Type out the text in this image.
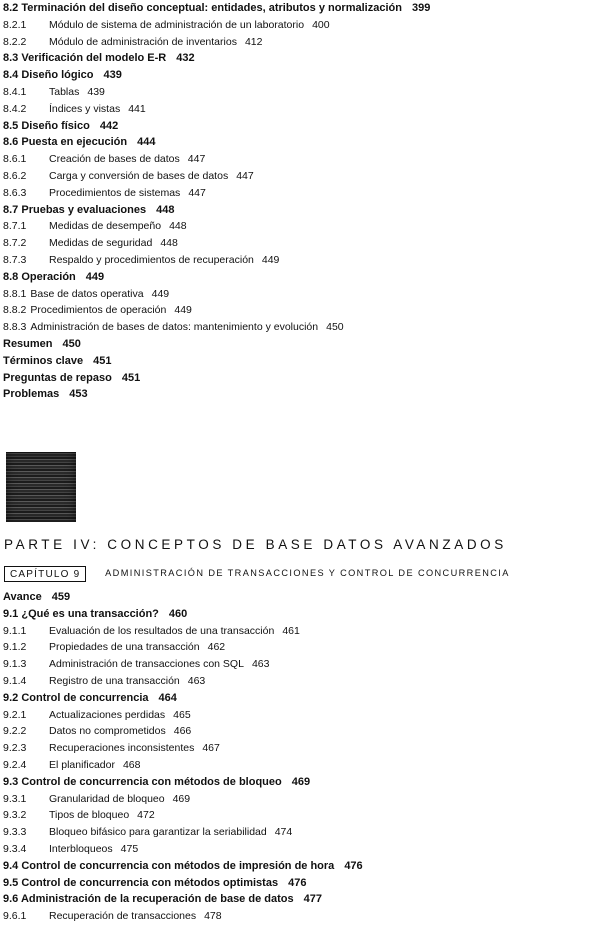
8.2 Terminación del diseño conceptual: entidades, atributos y normalización 399
8.2.1 Módulo de sistema de administración de un laboratorio 400
8.2.2 Módulo de administración de inventarios 412
8.3 Verificación del modelo E-R 432
8.4 Diseño lógico 439
8.4.1 Tablas 439
8.4.2 Índices y vistas 441
8.5 Diseño físico 442
8.6 Puesta en ejecución 444
8.6.1 Creación de bases de datos 447
8.6.2 Carga y conversión de bases de datos 447
8.6.3 Procedimientos de sistemas 447
8.7 Pruebas y evaluaciones 448
8.7.1 Medidas de desempeño 448
8.7.2 Medidas de seguridad 448
8.7.3 Respaldo y procedimientos de recuperación 449
8.8 Operación 449
8.8.1 Base de datos operativa 449
8.8.2 Procedimientos de operación 449
8.8.3 Administración de bases de datos: mantenimiento y evolución 450
Resumen 450
Términos clave 451
Preguntas de repaso 451
Problemas 453
PARTE IV: CONCEPTOS DE BASE DATOS AVANZADOS
CAPÍTULO 9	ADMINISTRACIÓN DE TRANSACCIONES Y CONTROL DE CONCURRENCIA
Avance 459
9.1 ¿Qué es una transacción? 460
9.1.1 Evaluación de los resultados de una transacción 461
9.1.2 Propiedades de una transacción 462
9.1.3 Administración de transacciones con SQL 463
9.1.4 Registro de una transacción 463
9.2 Control de concurrencia 464
9.2.1 Actualizaciones perdidas 465
9.2.2 Datos no comprometidos 466
9.2.3 Recuperaciones inconsistentes 467
9.2.4 El planificador 468
9.3 Control de concurrencia con métodos de bloqueo 469
9.3.1 Granularidad de bloqueo 469
9.3.2 Tipos de bloqueo 472
9.3.3 Bloqueo bifásico para garantizar la seriabilidad 474
9.3.4 Interbloqueos 475
9.4 Control de concurrencia con métodos de impresión de hora 476
9.5 Control de concurrencia con métodos optimistas 476
9.6 Administración de la recuperación de base de datos 477
9.6.1 Recuperación de transacciones 478
